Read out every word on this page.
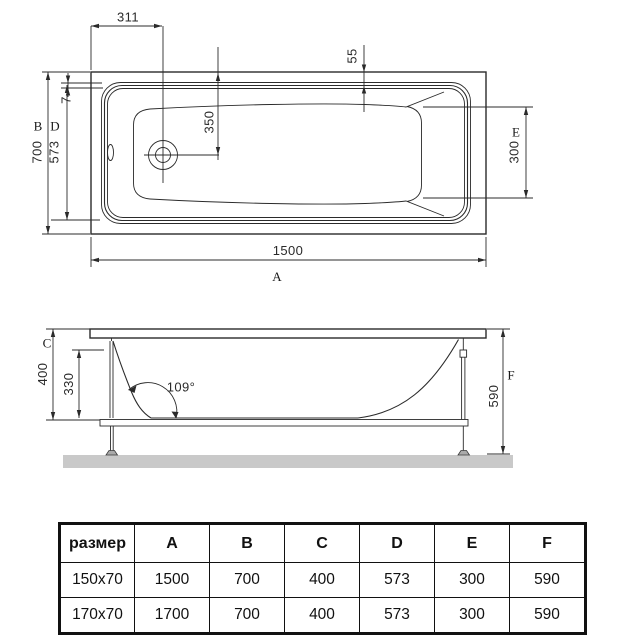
311
350
55
7
B
700
D
573
E
300
1500
A
C
400 330	109°
F
590
размер	A	B	C	D	E	F
150x70	1500	700	400	573	300	590
170x70	1700	700	400	573	300	590
